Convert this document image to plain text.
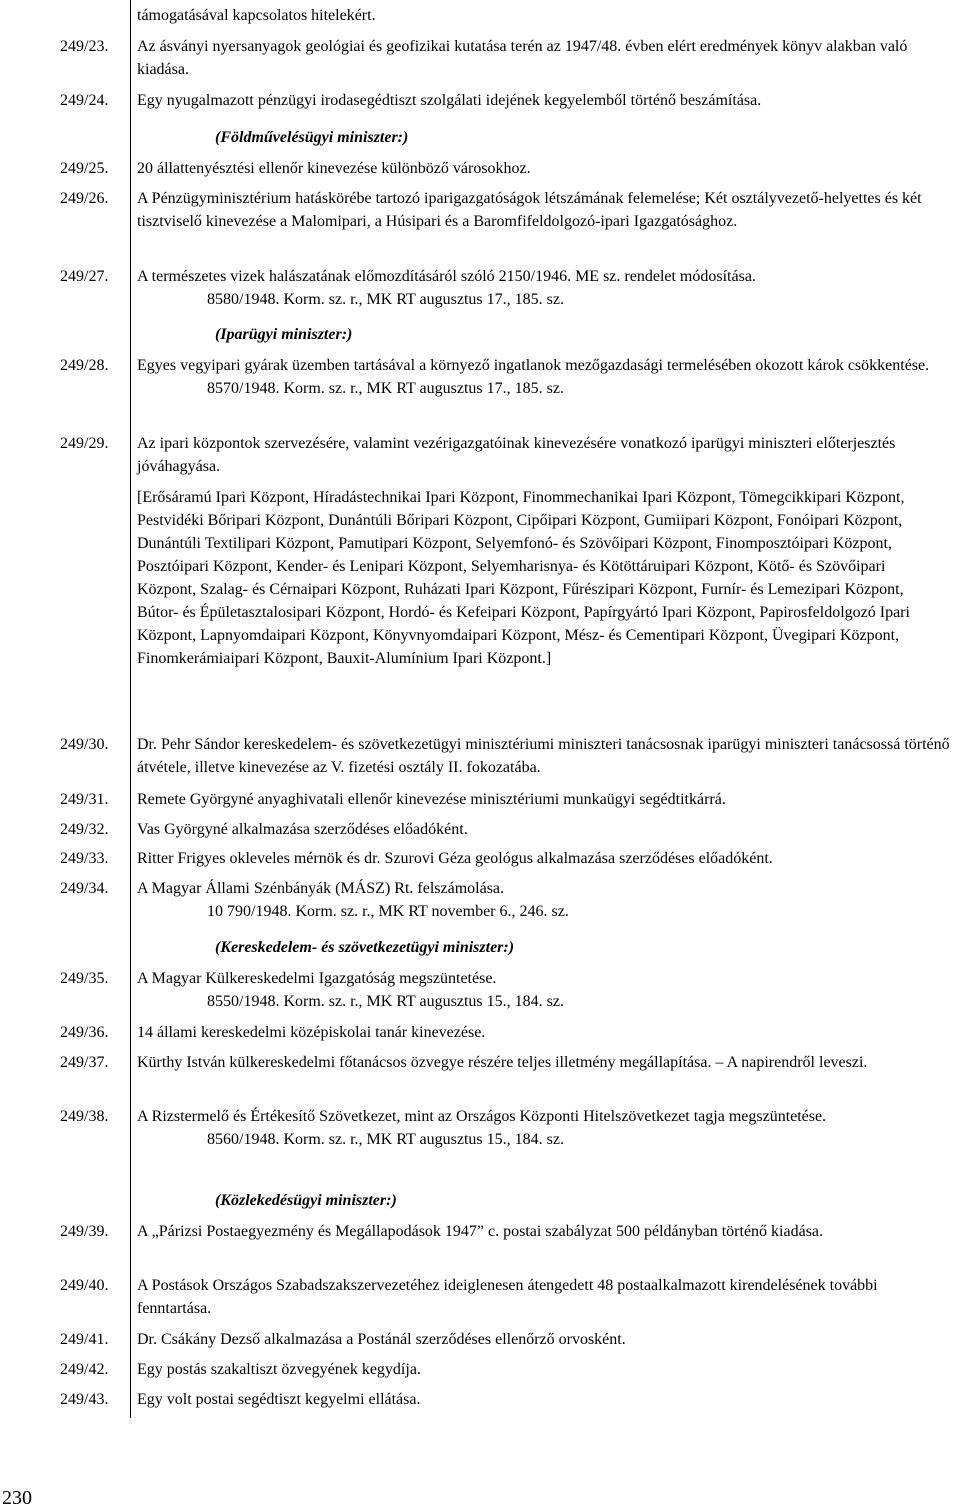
támogatásával kapcsolatos hitelekért.
249/23.	Az ásványi nyersanyagok geológiai és geofizikai kutatása terén az 1947/48. évben elért eredmények könyv alakban való kiadása.
249/24.	Egy nyugalmazott pénzügyi irodasegédtiszt szolgálati idejének kegyelemből történő beszámítása.
(Földművelésügyi miniszter:)
249/25.	20 állattenyésztési ellenőr kinevezése különböző városokhoz.
249/26.	A Pénzügyminisztérium hatáskörébe tartozó iparigazgatóságok létszámának felemelése; Két osztályvezető-helyettes és két tisztviselő kinevezése a Malomipari, a Húsipari és a Baromfifeldolgozó-ipari Igazgatósághoz.
249/27.	A természetes vizek halászatának előmozdításáról szóló 2150/1946. ME sz. rendelet módosítása.
8580/1948. Korm. sz. r., MK RT augusztus 17., 185. sz.
(Iparügyi miniszter:)
249/28.	Egyes vegyipari gyárak üzemben tartásával a környező ingatlanok mezőgazdasági termelésében okozott károk csökkentése.
8570/1948. Korm. sz. r., MK RT augusztus 17., 185. sz.
249/29.	Az ipari központok szervezésére, valamint vezérigazgatóinak kinevezésére vonatkozó iparügyi miniszteri előterjesztés jóváhagyása.
[Erősáramú Ipari Központ, Híradástechnikai Ipari Központ, Finommechanikai Ipari Központ, Tömegcikkipari Központ, Pestvidéki Bőripari Központ, Dunántúli Bőripari Központ, Cipőipari Központ, Gumiipari Központ, Fonóipari Központ, Dunántúli Textilipari Központ, Pamutipari Központ, Selyemfonó- és Szövőipari Központ, Finomposztóipari Központ, Posztóipari Központ, Kender- és Lenipari Központ, Selyemharisnya- és Kötöttáruipari Központ, Kötő- és Szövőipari Központ, Szalag- és Cérnaipari Központ, Ruházati Ipari Központ, Fűrészipari Központ, Furnír- és Lemezipari Központ, Bútor- és Épületasztalosipari Központ, Hordó- és Kefeipari Központ, Papírgyártó Ipari Központ, Papirosfeldolgozó Ipari Központ, Lapnyomdaipari Központ, Könyvnyomdaipari Központ, Mész- és Cementipari Központ, Üvegipari Központ, Finomkerámiaipari Központ, Bauxit-Alumínium Ipari Központ.]
249/30.	Dr. Pehr Sándor kereskedelem- és szövetkezetügyi minisztériumi miniszteri tanácsosnak iparügyi miniszteri tanácsossá történő átvétele, illetve kinevezése az V. fizetési osztály II. fokozatába.
249/31.	Remete Györgyné anyaghivatali ellenőr kinevezése minisztériumi munkaügyi segédtitkárrá.
249/32.	Vas Györgyné alkalmazása szerződéses előadóként.
249/33.	Ritter Frigyes okleveles mérnök és dr. Szurovi Géza geológus alkalmazása szerződéses előadóként.
249/34.	A Magyar Állami Szénbányák (MÁSZ) Rt. felszámolása.
10 790/1948. Korm. sz. r., MK RT november 6., 246. sz.
(Kereskedelem- és szövetkezetügyi miniszter:)
249/35.	A Magyar Külkereskedelmi Igazgatóság megszüntetése.
8550/1948. Korm. sz. r., MK RT augusztus 15., 184. sz.
249/36.	14 állami kereskedelmi középiskolai tanár kinevezése.
249/37.	Kürthy István külkereskedelmi főtanácsos özvegye részére teljes illetmény megállapítása. – A napirendről leveszi.
249/38.	A Rizstermelő és Értékesítő Szövetkezet, mint az Országos Központi Hitelszövetkezet tagja megszüntetése.
8560/1948. Korm. sz. r., MK RT augusztus 15., 184. sz.
(Közlekedésügyi miniszter:)
249/39.	A „Párizsi Postaegyezmény és Megállapodások 1947” c. postai szabályzat 500 példányban történő kiadása.
249/40.	A Postások Országos Szabadszakszervezetéhez ideiglenesen átengedett 48 postaalkalmazott kirendelésének további fenntartása.
249/41.	Dr. Csákány Dezső alkalmazása a Postánál szerződéses ellenőrző orvosként.
249/42.	Egy postás szakaltiszt özvegyének kegydíja.
249/43.	Egy volt postai segédtiszt kegyelmi ellátása.
230
